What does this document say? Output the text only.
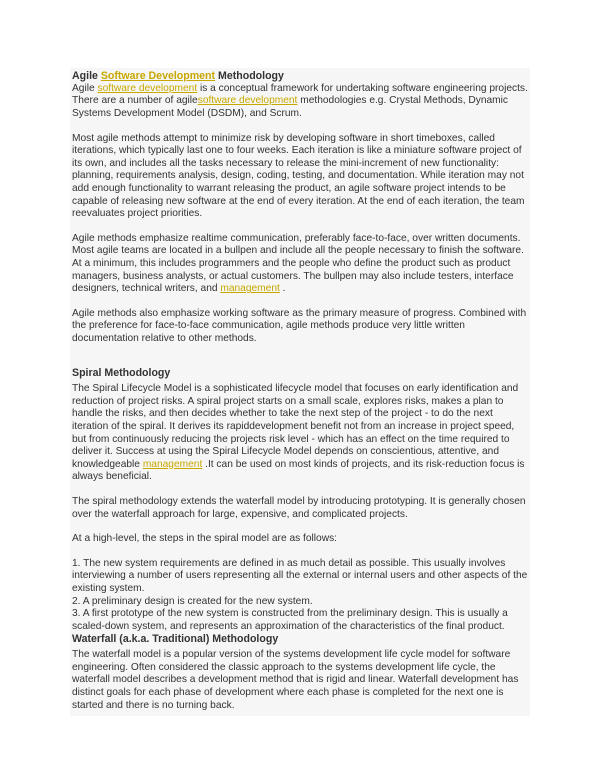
Agile Software Development Methodology

Agile software development is a conceptual framework for undertaking software engineering projects. There are a number of agilesoftware development methodologies e.g. Crystal Methods, Dynamic Systems Development Model (DSDM), and Scrum.

Most agile methods attempt to minimize risk by developing software in short timeboxes, called iterations, which typically last one to four weeks. Each iteration is like a miniature software project of its own, and includes all the tasks necessary to release the mini-increment of new functionality: planning, requirements analysis, design, coding, testing, and documentation. While iteration may not add enough functionality to warrant releasing the product, an agile software project intends to be capable of releasing new software at the end of every iteration. At the end of each iteration, the team reevaluates project priorities.

Agile methods emphasize realtime communication, preferably face-to-face, over written documents. Most agile teams are located in a bullpen and include all the people necessary to finish the software. At a minimum, this includes programmers and the people who define the product such as product managers, business analysts, or actual customers. The bullpen may also include testers, interface designers, technical writers, and management .

Agile methods also emphasize working software as the primary measure of progress. Combined with the preference for face-to-face communication, agile methods produce very little written documentation relative to other methods.

Spiral Methodology

The Spiral Lifecycle Model is a sophisticated lifecycle model that focuses on early identification and reduction of project risks. A spiral project starts on a small scale, explores risks, makes a plan to handle the risks, and then decides whether to take the next step of the project - to do the next iteration of the spiral. It derives its rapiddevelopment benefit not from an increase in project speed, but from continuously reducing the projects risk level - which has an effect on the time required to deliver it. Success at using the Spiral Lifecycle Model depends on conscientious, attentive, and knowledgeable management .It can be used on most kinds of projects, and its risk-reduction focus is always beneficial.

The spiral methodology extends the waterfall model by introducing prototyping. It is generally chosen over the waterfall approach for large, expensive, and complicated projects.

At a high-level, the steps in the spiral model are as follows:

1. The new system requirements are defined in as much detail as possible. This usually involves interviewing a number of users representing all the external or internal users and other aspects of the existing system.

2. A preliminary design is created for the new system.

3. A first prototype of the new system is constructed from the preliminary design. This is usually a scaled-down system, and represents an approximation of the characteristics of the final product.

Waterfall (a.k.a. Traditional) Methodology

The waterfall model is a popular version of the systems development life cycle model for software engineering. Often considered the classic approach to the systems development life cycle, the waterfall model describes a development method that is rigid and linear. Waterfall development has distinct goals for each phase of development where each phase is completed for the next one is started and there is no turning back.
